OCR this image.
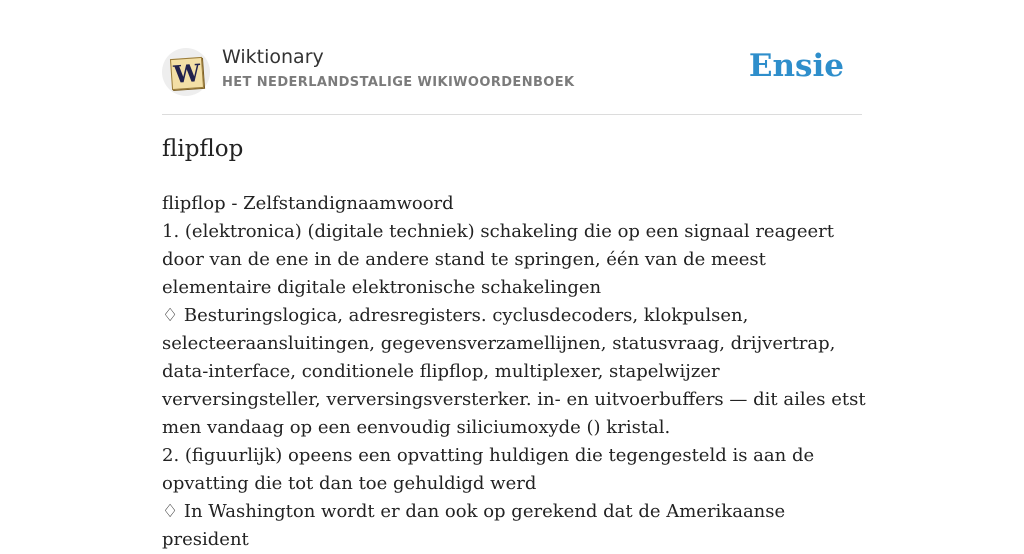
W
Wiktionary
HET NEDERLANDSTALIGE WIKIWOORDENBOEK	Ensie
flipflop

flipflop - Zelfstandignaamwoord

1. (elektronica) (digitale techniek) schakeling die op een signaal reageert door van de ene in de andere stand te springen, één van de meest elementaire digitale elektronische schakelingen

♢ Besturingslogica, adresregisters. cyclusdecoders, klokpulsen, selecteeraansluitingen, gegevensverzamellijnen, statusvraag, drijvertrap, data-interface, conditionele flipflop, multiplexer, stapelwijzer verversingsteller, verversingsversterker. in- en uitvoerbuffers — dit ailes etst men vandaag op een eenvoudig siliciumoxyde () kristal.

2. (figuurlijk) opeens een opvatting huldigen die tegengesteld is aan de opvatting die tot dan toe gehuldigd werd

♢ In Washington wordt er dan ook op gerekend dat de Amerikaanse president
